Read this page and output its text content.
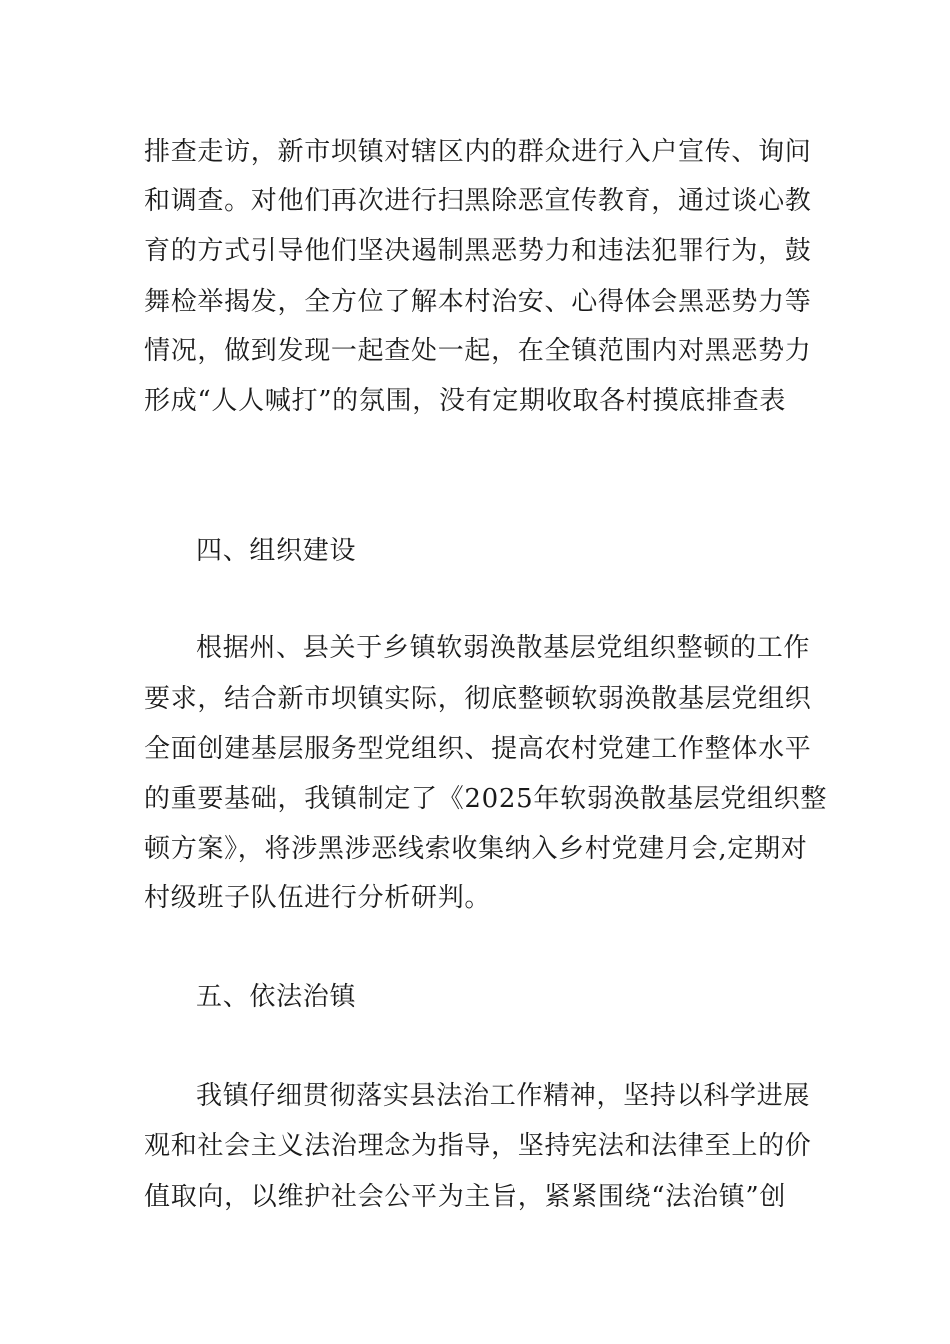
排查走访，新市坝镇对辖区内的群众进行入户宣传、询问
和调查。对他们再次进行扫黑除恶宣传教育，通过谈心教
育的方式引导他们坚决遏制黑恶势力和违法犯罪行为，鼓
舞检举揭发，全方位了解本村治安、心得体会黑恶势力等
情况，做到发现一起查处一起，在全镇范围内对黑恶势力
形成“人人喊打”的氛围，没有定期收取各村摸底排查表
四、组织建设
根据州、县关于乡镇软弱涣散基层党组织整顿的工作
要求，结合新市坝镇实际，彻底整顿软弱涣散基层党组织
全面创建基层服务型党组织、提高农村党建工作整体水平
的重要基础，我镇制定了《2025年软弱涣散基层党组织整
顿方案》，将涉黑涉恶线索收集纳入乡村党建月会,定期对
村级班子队伍进行分析研判。
五、依法治镇
我镇仔细贯彻落实县法治工作精神，坚持以科学进展
观和社会主义法治理念为指导，坚持宪法和法律至上的价
值取向，以维护社会公平为主旨，紧紧围绕“法治镇”创
